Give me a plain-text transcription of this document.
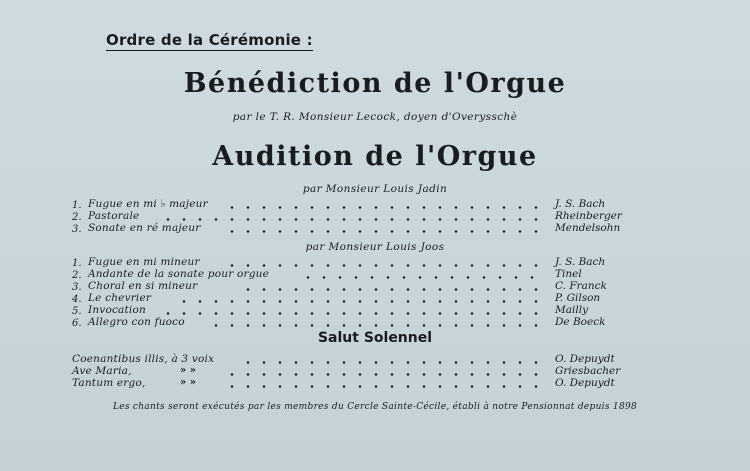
Ordre de la Cérémonie :
Bénédiction de l'Orgue
par le T. R. Monsieur Lecock, doyen d'Overysschè
Audition de l'Orgue
par Monsieur Louis Jadin
1. Fugue en mi ♭ majeur	J. S. Bach
2. Pastorale	Rheinberger
3. Sonate en ré majeur	Mendelsohn
par Monsieur Louis Joos
1. Fugue en mi mineur	J. S. Bach
2. Andante de la sonate pour orgue	Tinel
3. Choral en si mineur	C. Franck
4. Le chevrier	P. Gilson
5. Invocation	Mailly
6. Allegro con fuoco	De Boeck
Salut Solennel
Coenantibus illis, à 3 voix	O. Depuydt
Ave Maria,	» »	Griesbacher
Tantum ergo,	» »	O. Depuydt
Les chants seront exécutés par les membres du Cercle Sainte-Cécile, établi à notre Pensionnat depuis 1898
